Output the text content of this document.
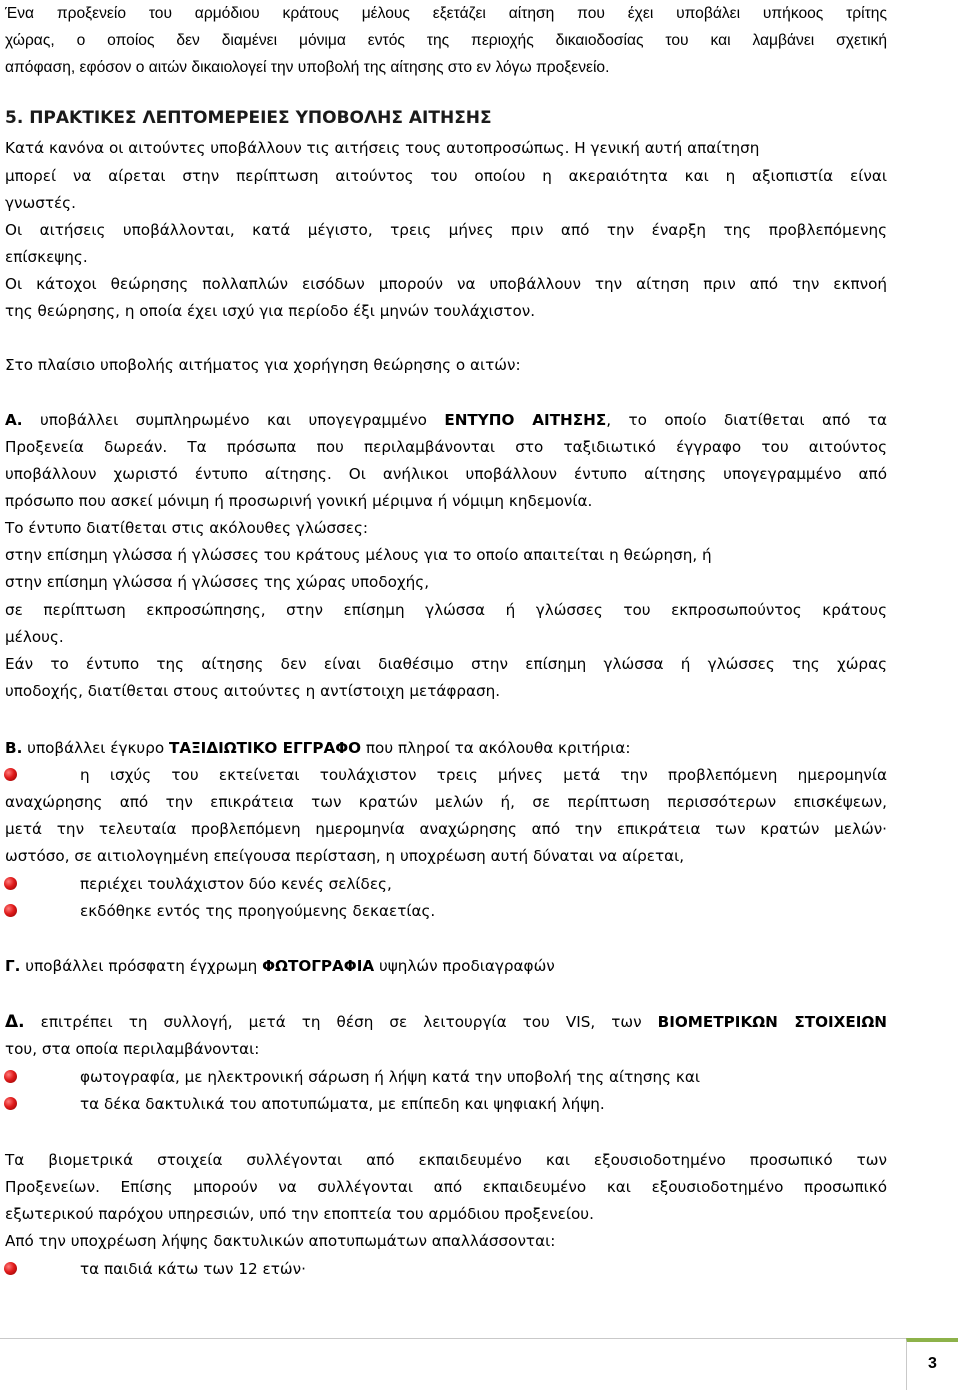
Ένα προξενείο του αρμόδιου κράτους μέλους εξετάζει αίτηση που έχει υποβάλει υπήκοος τρίτης
χώρας, ο οποίος δεν διαμένει μόνιμα εντός της περιοχής δικαιοδοσίας του και λαμβάνει σχετική
απόφαση, εφόσον ο αιτών δικαιολογεί την υποβολή της αίτησης στο εν λόγω προξενείο.
5. ΠΡΑΚΤΙΚΕΣ ΛΕΠΤΟΜΕΡΕΙΕΣ ΥΠΟΒΟΛΗΣ ΑΙΤΗΣΗΣ
Κατά κανόνα οι αιτούντες υποβάλλουν τις αιτήσεις τους αυτοπροσώπως. Η γενική αυτή απαίτηση
μπορεί να αίρεται στην περίπτωση αιτούντος του οποίου η ακεραιότητα και η αξιοπιστία είναι
γνωστές.
Οι αιτήσεις υποβάλλονται, κατά μέγιστο, τρεις μήνες πριν από την έναρξη της προβλεπόμενης
επίσκεψης.
Οι κάτοχοι θεώρησης πολλαπλών εισόδων μπορούν να υποβάλλουν την αίτηση πριν από την εκπνοή
της θεώρησης, η οποία έχει ισχύ για περίοδο έξι μηνών τουλάχιστον.
Στο πλαίσιο υποβολής αιτήματος για χορήγηση θεώρησης ο αιτών:
Α. υποβάλλει συμπληρωμένο και υπογεγραμμένο ΕΝΤΥΠΟ ΑΙΤΗΣΗΣ, το οποίο διατίθεται από τα
Προξενεία δωρεάν. Τα πρόσωπα που περιλαμβάνονται στο ταξιδιωτικό έγγραφο του αιτούντος
υποβάλλουν χωριστό έντυπο αίτησης. Οι ανήλικοι υποβάλλουν έντυπο αίτησης υπογεγραμμένο από
πρόσωπο που ασκεί μόνιμη ή προσωρινή γονική μέριμνα ή νόμιμη κηδεμονία.
Το έντυπο διατίθεται στις ακόλουθες γλώσσες:
στην επίσημη γλώσσα ή γλώσσες του κράτους μέλους για το οποίο απαιτείται η θεώρηση, ή
στην επίσημη γλώσσα ή γλώσσες της χώρας υποδοχής,
σε περίπτωση εκπροσώπησης, στην επίσημη γλώσσα ή γλώσσες του εκπροσωπούντος κράτους
μέλους.
Εάν το έντυπο της αίτησης δεν είναι διαθέσιμο στην επίσημη γλώσσα ή γλώσσες της χώρας
υποδοχής, διατίθεται στους αιτούντες η αντίστοιχη μετάφραση.
Β. υποβάλλει έγκυρο ΤΑΞΙΔΙΩΤΙΚΟ ΕΓΓΡΑΦΟ που πληροί τα ακόλουθα κριτήρια:
η ισχύς του εκτείνεται τουλάχιστον τρεις μήνες μετά την προβλεπόμενη ημερομηνία
αναχώρησης από την επικράτεια των κρατών μελών ή, σε περίπτωση περισσότερων επισκέψεων,
μετά την τελευταία προβλεπόμενη ημερομηνία αναχώρησης από την επικράτεια των κρατών μελών·
ωστόσο, σε αιτιολογημένη επείγουσα περίσταση, η υποχρέωση αυτή δύναται να αίρεται,
περιέχει τουλάχιστον δύο κενές σελίδες,
εκδόθηκε εντός της προηγούμενης δεκαετίας.
Γ. υποβάλλει πρόσφατη έγχρωμη ΦΩΤΟΓΡΑΦΙΑ υψηλών προδιαγραφών
Δ. επιτρέπει τη συλλογή, μετά τη θέση σε λειτουργία του VIS, των ΒΙΟΜΕΤΡΙΚΩΝ ΣΤΟΙΧΕΙΩΝ
του, στα οποία περιλαμβάνονται:
φωτογραφία, με ηλεκτρονική σάρωση ή λήψη κατά την υποβολή της αίτησης και
τα δέκα δακτυλικά του αποτυπώματα, με επίπεδη και ψηφιακή λήψη.
Τα βιομετρικά στοιχεία συλλέγονται από εκπαιδευμένο και εξουσιοδοτημένο προσωπικό των
Προξενείων. Επίσης μπορούν να συλλέγονται από εκπαιδευμένο και εξουσιοδοτημένο προσωπικό
εξωτερικού παρόχου υπηρεσιών, υπό την εποπτεία του αρμόδιου προξενείου.
Από την υποχρέωση λήψης δακτυλικών αποτυπωμάτων απαλλάσσονται:
τα παιδιά κάτω των 12 ετών·
3
